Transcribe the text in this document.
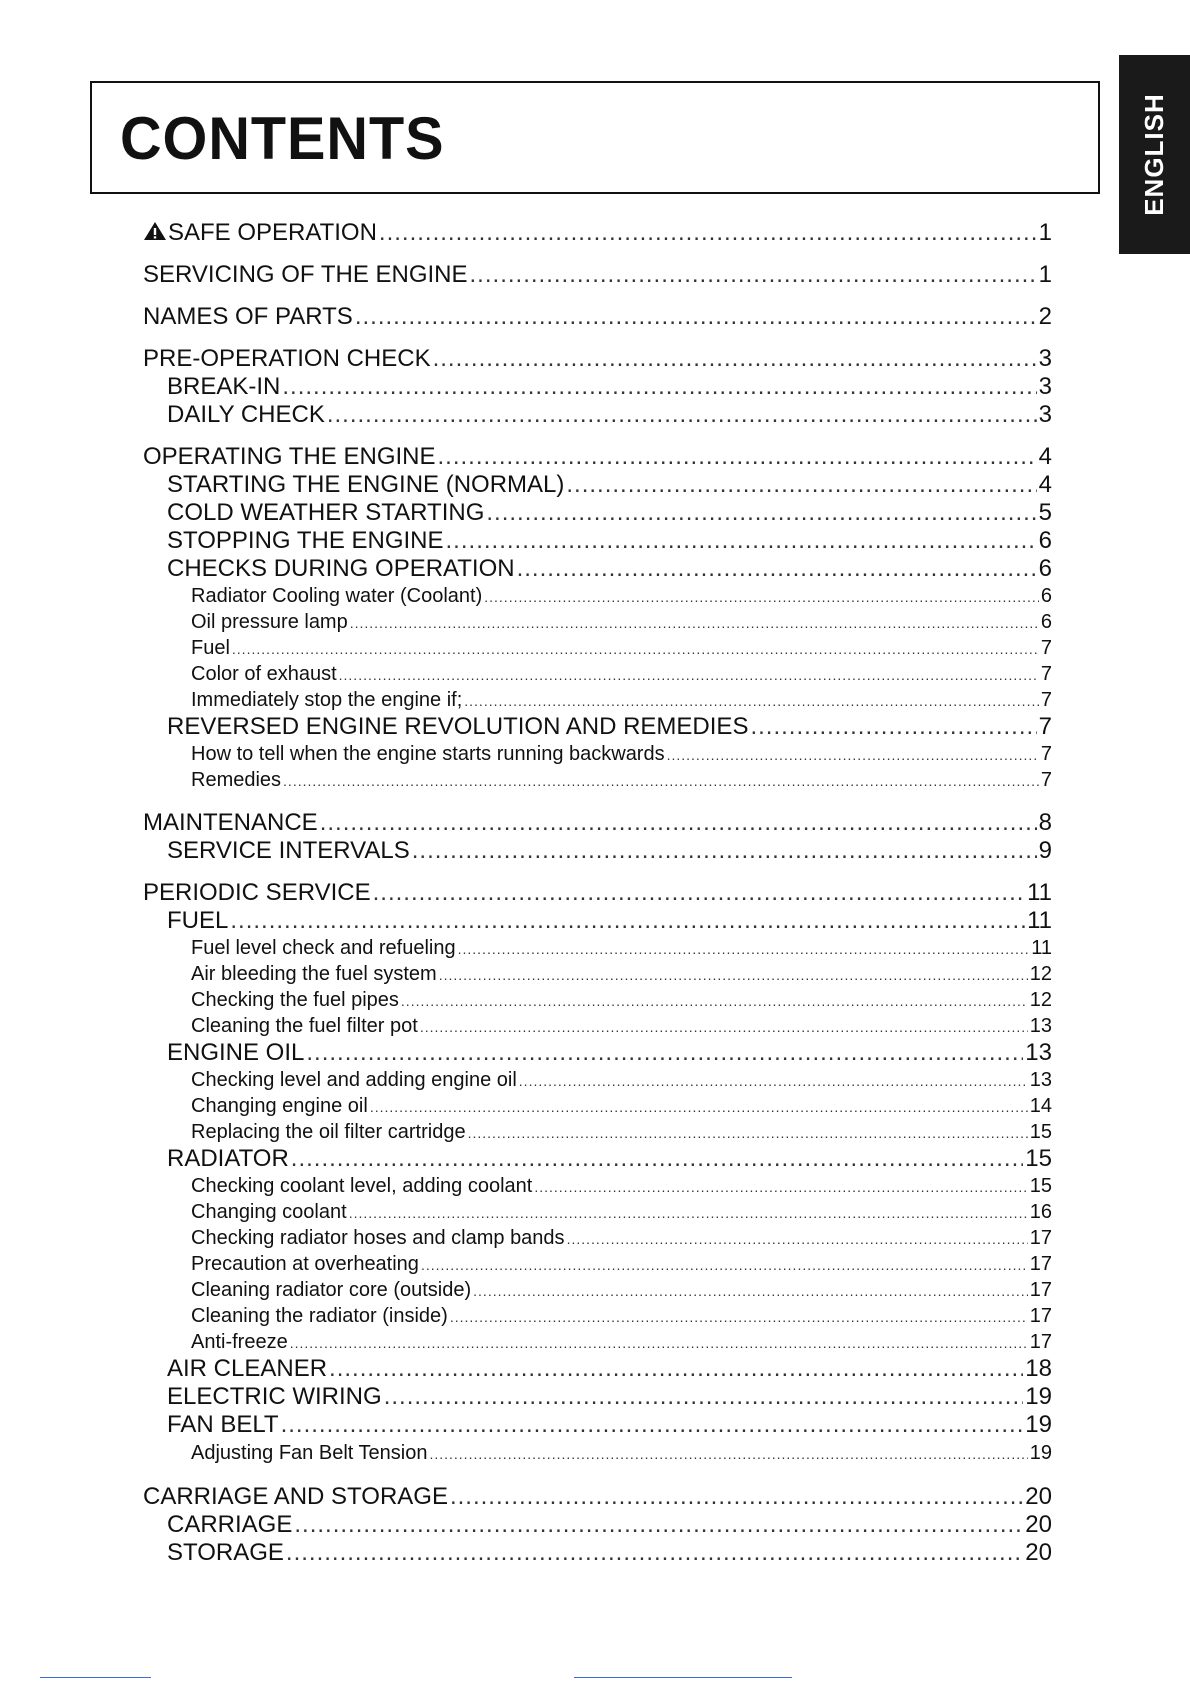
ENGLISH
CONTENTS
SAFE OPERATION .....	1
SERVICING OF THE ENGINE .....	1
NAMES OF PARTS .....	2
PRE-OPERATION CHECK .....	3
BREAK-IN .....	3
DAILY CHECK .....	3
OPERATING THE ENGINE .....	4
STARTING THE ENGINE (NORMAL) .....	4
COLD WEATHER STARTING .....	5
STOPPING THE ENGINE .....	6
CHECKS DURING OPERATION .....	6
Radiator Cooling water (Coolant) .....	6
Oil pressure lamp .....	6
Fuel .....	7
Color of exhaust .....	7
Immediately stop the engine if; .....	7
REVERSED ENGINE REVOLUTION AND REMEDIES .....	7
How to tell when the engine starts running backwards .....	7
Remedies .....	7
MAINTENANCE .....	8
SERVICE INTERVALS .....	9
PERIODIC SERVICE .....	11
FUEL .....	11
Fuel level check and refueling .....	11
Air bleeding the fuel system .....	12
Checking the fuel pipes .....	12
Cleaning the fuel filter pot .....	13
ENGINE OIL .....	13
Checking level and adding engine oil .....	13
Changing engine oil .....	14
Replacing the oil filter cartridge .....	15
RADIATOR .....	15
Checking coolant level, adding coolant .....	15
Changing coolant .....	16
Checking radiator hoses and clamp bands .....	17
Precaution at overheating .....	17
Cleaning radiator core (outside) .....	17
Cleaning the radiator (inside) .....	17
Anti-freeze .....	17
AIR CLEANER .....	18
ELECTRIC WIRING .....	19
FAN BELT .....	19
Adjusting Fan Belt Tension .....	19
CARRIAGE AND STORAGE .....	20
CARRIAGE .....	20
STORAGE .....	20
